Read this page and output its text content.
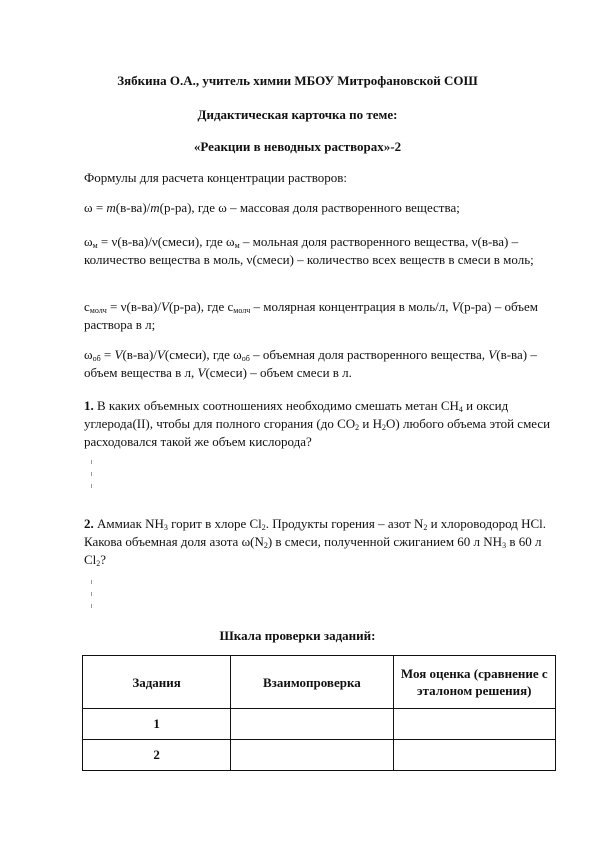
Зябкина О.А., учитель химии МБОУ Митрофановской СОШ
Дидактическая карточка по теме:
«Реакции в неводных растворах»-2
Формулы для расчета концентрации растворов:
ω = m(в-ва)/m(р-ра), где ω – массовая доля растворенного вещества;
$\omega_м$ = ν(в-ва)/ν(смеси), где $\omega_м$ – мольная доля растворенного вещества, ν(в-ва) – количество вещества в моль, ν(смеси) – количество всех веществ в смеси в моль;
$c_{молч} = \nu(в-ва)/V(р-ра)$, где $c_{молч}$ – молярная концентрация в моль/л, V(р-ра) – объем раствора в л;
$\omega_{об}$ = V(в-ва)/V(смеси), где $\omega_{об}$ – объемная доля растворенного вещества, V(в-ва) – объем вещества в л, V(смеси) – объем смеси в л.
1. В каких объемных соотношениях необходимо смешать метан $СН_4$ и оксид углерода(II), чтобы для полного сгорания (до $СО_2$ и $Н_2О$) любого объема этой смеси расходовался такой же объем кислорода?
2. Аммиак $NH_3$ горит в хлоре $Cl_2$. Продукты горения – азот $N_2$ и хлороводород HCl. Какова объемная доля азота $\omega(N_2)$ в смеси, полученной сжиганием 60 л $NH_3$ в 60 л $Cl_2$?
Шкала проверки заданий:
Задания	Взаимопроверка	Моя оценка (сравнение с эталоном решения)
1		
2		
